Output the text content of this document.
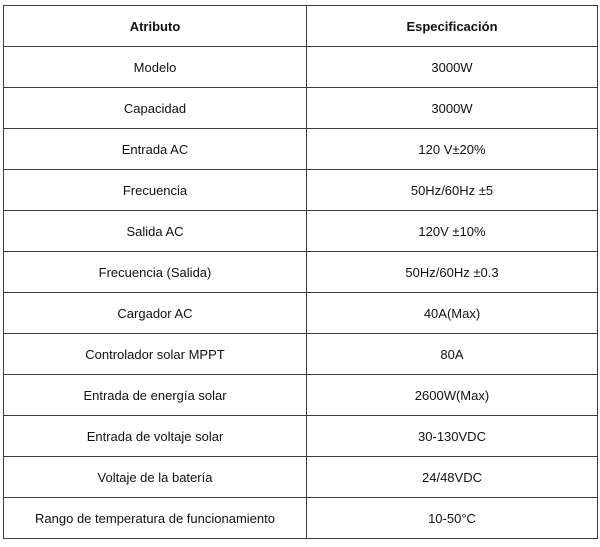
Atributo	Especificación
Modelo	3000W
Capacidad	3000W
Entrada AC	120 V±20%
Frecuencia	50Hz/60Hz ±5
Salida AC	120V ±10%
Frecuencia (Salida)	50Hz/60Hz ±0.3
Cargador AC	40A(Max)
Controlador solar MPPT	80A
Entrada de energía solar	2600W(Max)
Entrada de voltaje solar	30-130VDC
Voltaje de la batería	24/48VDC
Rango de temperatura de funcionamiento	10-50°C
